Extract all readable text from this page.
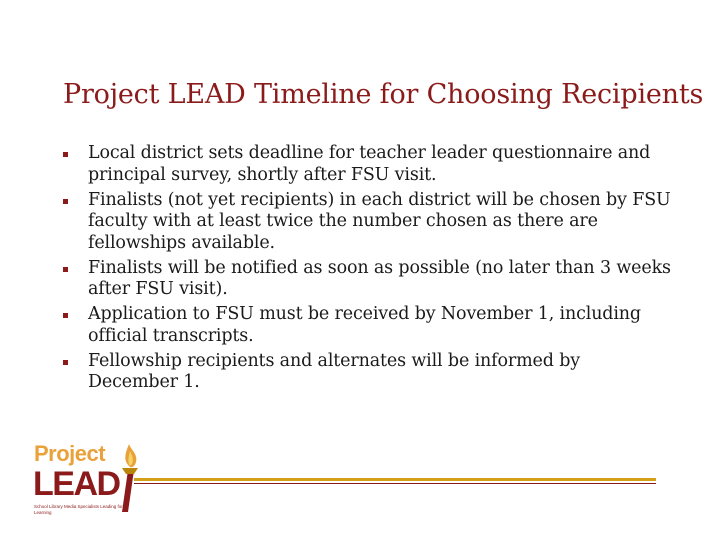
Project LEAD Timeline for Choosing Recipients
Local district sets deadline for teacher leader questionnaire and principal survey, shortly after FSU visit.
Finalists (not yet recipients) in each district will be chosen by FSU faculty with at least twice the number chosen as there are fellowships available.
Finalists will be notified as soon as possible (no later than 3 weeks after FSU visit).
Application to FSU must be received by November 1, including official transcripts.
Fellowship recipients and alternates will be informed by December 1.
Project
LEAD
School Library Media Specialists Leading for Learning
